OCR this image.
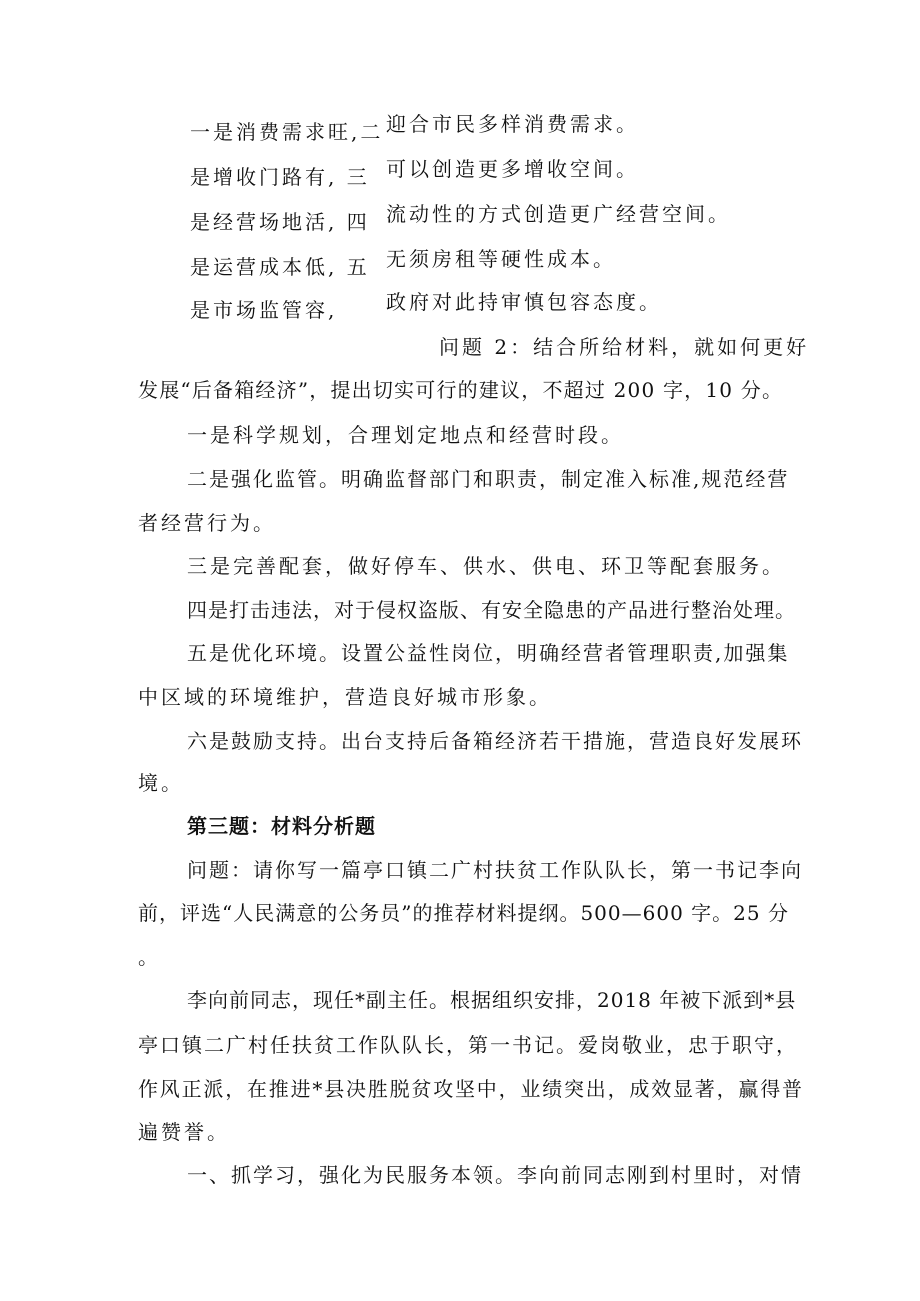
一是消费需求旺,二 迎合市民多样消费需求。
是增收门路有, 三 可以创造更多增收空间。
是经营场地活, 四 流动性的方式创造更广经营空间。
是运营成本低, 五 无须房租等硬性成本。
是市场监管容, 政府对此持审慎包容态度。
问题 2：结合所给材料，就如何更好
发展“后备箱经济”，提出切实可行的建议，不超过 200 字，10 分。
一是科学规划，合理划定地点和经营时段。
二是强化监管。明确监督部门和职责，制定准入标准,规范经营
者经营行为。
三是完善配套，做好停车、供水、供电、环卫等配套服务。
四是打击违法，对于侵权盗版、有安全隐患的产品进行整治处理。
五是优化环境。设置公益性岗位，明确经营者管理职责,加强集
中区域的环境维护，营造良好城市形象。
六是鼓励支持。出台支持后备箱经济若干措施，营造良好发展环
境。
第三题：材料分析题
问题：请你写一篇亭口镇二广村扶贫工作队队长，第一书记李向
前，评选“人民满意的公务员”的推荐材料提纲。500—600 字。25 分
。
李向前同志，现任*副主任。根据组织安排，2018 年被下派到*县
亭口镇二广村任扶贫工作队队长，第一书记。爱岗敬业，忠于职守，
作风正派，在推进*县决胜脱贫攻坚中，业绩突出，成效显著，赢得普
遍赞誉。
一、抓学习，强化为民服务本领。李向前同志刚到村里时，对情
